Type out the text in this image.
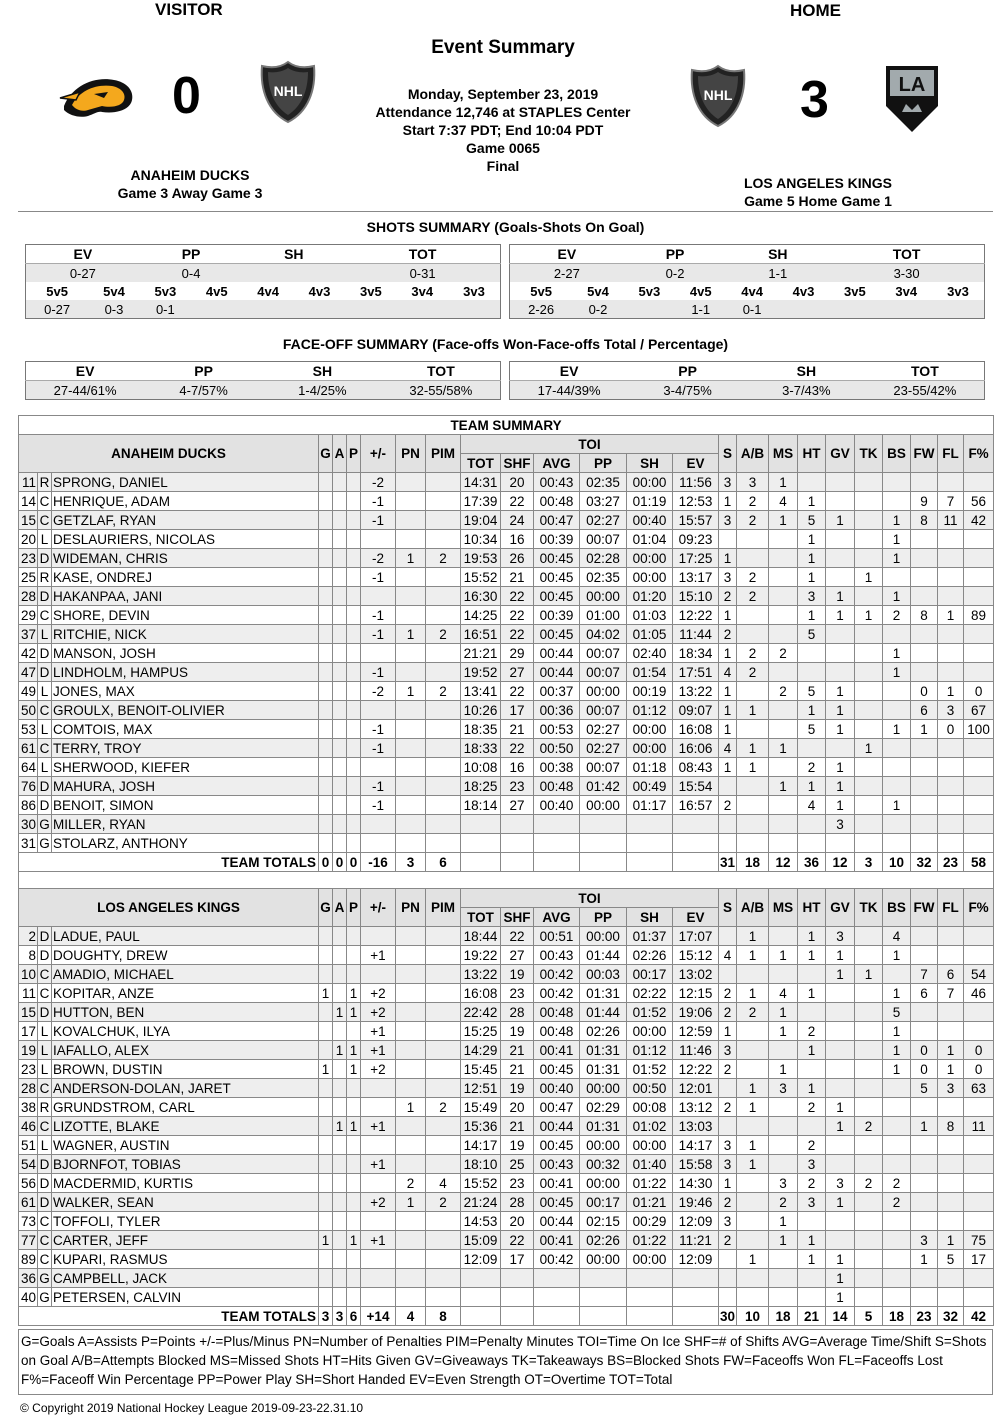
VISITOR	HOME
Event Summary
Monday, September 23, 2019
Attendance 12,746 at STAPLES Center
Start 7:37 PDT; End 10:04 PDT
Game 0065
Final
0	NHL	NHL 3	LA
ANAHEIM DUCKS
Game 3 Away Game 3
LOS ANGELES KINGS
Game 5 Home Game 1
SHOTS SUMMARY (Goals-Shots On Goal)
EV		PP		SH		TOT		
0-27		0-4				0-31		
5v5	5v4	5v3	4v5	4v4	4v3	3v5	3v4	3v3
0-27	0-3	0-1						
EV		PP		SH		TOT		
2-27		0-2		1-1		3-30		
5v5	5v4	5v3	4v5	4v4	4v3	3v5	3v4	3v3
2-26	0-2		1-1	0-1				
FACE-OFF SUMMARY (Face-offs Won-Face-offs Total / Percentage)
EV	PP	SH	TOT
27-44/61%	4-7/57%	1-4/25%	32-55/58%
EV	PP	SH	TOT
17-44/39%	3-4/75%	3-7/43%	23-55/42%
TEAM SUMMARY																								
ANAHEIM DUCKS			G	A	P	+/-	PN	PIM	TOI						S	A/B	MS	HT	GV	TK	BS	FW	FL	F%
									TOT	SHF	AVG	PP	SH	EV										
11	R	SPRONG, DANIEL				-2			14:31	20	00:43	02:35	00:00	11:56	3	3	1							
14	C	HENRIQUE, ADAM				-1			17:39	22	00:48	03:27	01:19	12:53	1	2	4	1				9	7	56
15	C	GETZLAF, RYAN				-1			19:04	24	00:47	02:27	00:40	15:57	3	2	1	5	1		1	8	11	42
20	L	DESLAURIERS, NICOLAS							10:34	16	00:39	00:07	01:04	09:23				1			1			
23	D	WIDEMAN, CHRIS				-2	1	2	19:53	26	00:45	02:28	00:00	17:25	1			1			1			
25	R	KASE, ONDREJ				-1			15:52	21	00:45	02:35	00:00	13:17	3	2		1		1				
28	D	HAKANPAA, JANI							16:30	22	00:45	00:00	01:20	15:10	2	2		3	1		1			
29	C	SHORE, DEVIN				-1			14:25	22	00:39	01:00	01:03	12:22	1			1	1	1	2	8	1	89
37	L	RITCHIE, NICK				-1	1	2	16:51	22	00:45	04:02	01:05	11:44	2			5						
42	D	MANSON, JOSH							21:21	29	00:44	00:07	02:40	18:34	1	2	2				1			
47	D	LINDHOLM, HAMPUS				-1			19:52	27	00:44	00:07	01:54	17:51	4	2					1			
49	L	JONES, MAX				-2	1	2	13:41	22	00:37	00:00	00:19	13:22	1		2	5	1			0	1	0
50	C	GROULX, BENOIT-OLIVIER							10:26	17	00:36	00:07	01:12	09:07	1	1		1	1			6	3	67
53	L	COMTOIS, MAX				-1			18:35	21	00:53	02:27	00:00	16:08	1			5	1		1	1	0	100
61	C	TERRY, TROY				-1			18:33	22	00:50	02:27	00:00	16:06	4	1	1			1				
64	L	SHERWOOD, KIEFER							10:08	16	00:38	00:07	01:18	08:43	1	1		2	1					
76	D	MAHURA, JOSH				-1			18:25	23	00:48	01:42	00:49	15:54			1	1	1					
86	D	BENOIT, SIMON				-1			18:14	27	00:40	00:00	01:17	16:57	2			4	1		1			
30	G	MILLER, RYAN																	3					
31	G	STOLARZ, ANTHONY																						
TEAM TOTALS			0	0	0	-16	3	6							31	18	12	36	12	3	10	32	23	58

LOS ANGELES KINGS			G	A	P	+/-	PN	PIM	TOI						S	A/B	MS	HT	GV	TK	BS	FW	FL	F%
									TOT	SHF	AVG	PP	SH	EV										
2	D	LADUE, PAUL							18:44	22	00:51	00:00	01:37	17:07		1		1	3		4			
8	D	DOUGHTY, DREW				+1			19:22	27	00:43	01:44	02:26	15:12	4	1	1	1	1		1			
10	C	AMADIO, MICHAEL							13:22	19	00:42	00:03	00:17	13:02					1	1		7	6	54
11	C	KOPITAR, ANZE	1		1	+2			16:08	23	00:42	01:31	02:22	12:15	2	1	4	1			1	6	7	46
15	D	HUTTON, BEN		1	1	+2			22:42	28	00:48	01:44	01:52	19:06	2	2	1				5			
17	L	KOVALCHUK, ILYA				+1			15:25	19	00:48	02:26	00:00	12:59	1		1	2			1			
19	L	IAFALLO, ALEX		1	1	+1			14:29	21	00:41	01:31	01:12	11:46	3			1			1	0	1	0
23	L	BROWN, DUSTIN	1		1	+2			15:45	21	00:45	01:31	01:52	12:22	2		1				1	0	1	0
28	C	ANDERSON-DOLAN, JARET							12:51	19	00:40	00:00	00:50	12:01		1	3	1				5	3	63
38	R	GRUNDSTROM, CARL					1	2	15:49	20	00:47	02:29	00:08	13:12	2	1		2	1					
46	C	LIZOTTE, BLAKE		1	1	+1			15:36	21	00:44	01:31	01:02	13:03					1	2		1	8	11
51	L	WAGNER, AUSTIN							14:17	19	00:45	00:00	00:00	14:17	3	1		2						
54	D	BJORNFOT, TOBIAS				+1			18:10	25	00:43	00:32	01:40	15:58	3	1		3						
56	D	MACDERMID, KURTIS					2	4	15:52	23	00:41	00:00	01:22	14:30	1		3	2	3	2	2			
61	D	WALKER, SEAN				+2	1	2	21:24	28	00:45	00:17	01:21	19:46	2		2	3	1		2			
73	C	TOFFOLI, TYLER							14:53	20	00:44	02:15	00:29	12:09	3		1							
77	C	CARTER, JEFF	1		1	+1			15:09	22	00:41	02:26	01:22	11:21	2		1	1				3	1	75
89	C	KUPARI, RASMUS							12:09	17	00:42	00:00	00:00	12:09		1		1	1			1	5	17
36	G	CAMPBELL, JACK																	1					
40	G	PETERSEN, CALVIN																	1					
TEAM TOTALS			3	3	6	+14	4	8							30	10	18	21	14	5	18	23	32	42
G=Goals A=Assists P=Points +/-=Plus/Minus PN=Number of Penalties PIM=Penalty Minutes TOI=Time On Ice SHF=# of Shifts AVG=Average Time/Shift S=Shots on Goal A/B=Attempts Blocked MS=Missed Shots HT=Hits Given GV=Giveaways TK=Takeaways BS=Blocked Shots FW=Faceoffs Won FL=Faceoffs Lost F%=Faceoff Win Percentage PP=Power Play SH=Short Handed EV=Even Strength OT=Overtime TOT=Total
© Copyright 2019 National Hockey League 2019-09-23-22.31.10
